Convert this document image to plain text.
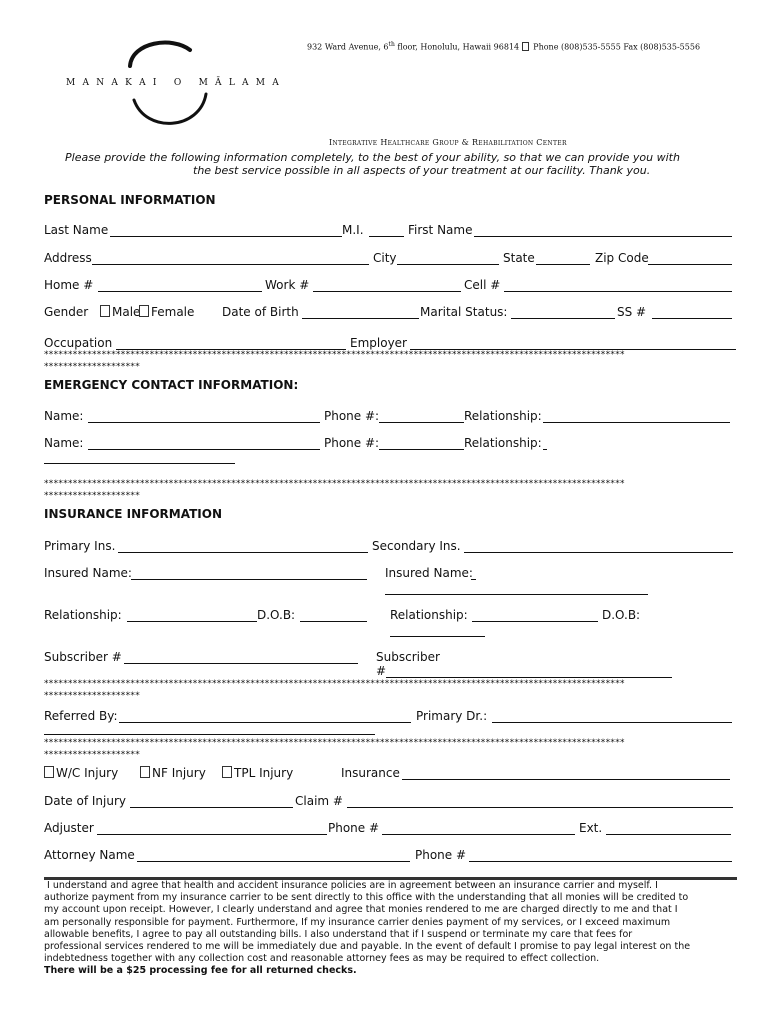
M A N A K A I   O   M Ā L A M A
932 Ward Avenue, 6th floor, Honolulu, Hawaii 96814  Phone (808)535-5555 Fax (808)535-5556
Integrative Healthcare Group & Rehabilitation Center
Please provide the following information completely, to the best of your ability, so that we can provide you with
the best service possible in all aspects of your treatment at our facility. Thank you.
PERSONAL INFORMATION
Last Name	M.I.	First Name
Address	City	State	Zip Code
Home #	Work #	Cell #
Gender	Male Female Date of Birth	Marital Status:	SS #
Occupation	Employer
*************************************************************************************************************************
********************
EMERGENCY CONTACT INFORMATION:
Name:	Phone #:	Relationship:
Name:	Phone #:	Relationship:
*************************************************************************************************************************
********************
INSURANCE INFORMATION
Primary Ins.	Secondary Ins.
Insured Name:	Insured Name:
Relationship:	D.O.B:	Relationship:	D.O.B:
Subscriber #	Subscriber
#
*************************************************************************************************************************
********************
Referred By:	Primary Dr.:
*************************************************************************************************************************
********************
W/C Injury	NF Injury	TPL Injury	Insurance
Date of Injury	Claim #
Adjuster	Phone #	Ext.
Attorney Name	Phone #
I understand and agree that health and accident insurance policies are in agreement between an insurance carrier and myself. I
authorize payment from my insurance carrier to be sent directly to this office with the understanding that all monies will be credited to
my account upon receipt. However, I clearly understand and agree that monies rendered to me are charged directly to me and that I
am personally responsible for payment. Furthermore, If my insurance carrier denies payment of my services, or I exceed maximum
allowable benefits, I agree to pay all outstanding bills. I also understand that if I suspend or terminate my care that fees for
professional services rendered to me will be immediately due and payable. In the event of default I promise to pay legal interest on the
indebtedness together with any collection cost and reasonable attorney fees as may be required to effect collection.
There will be a $25 processing fee for all returned checks.
